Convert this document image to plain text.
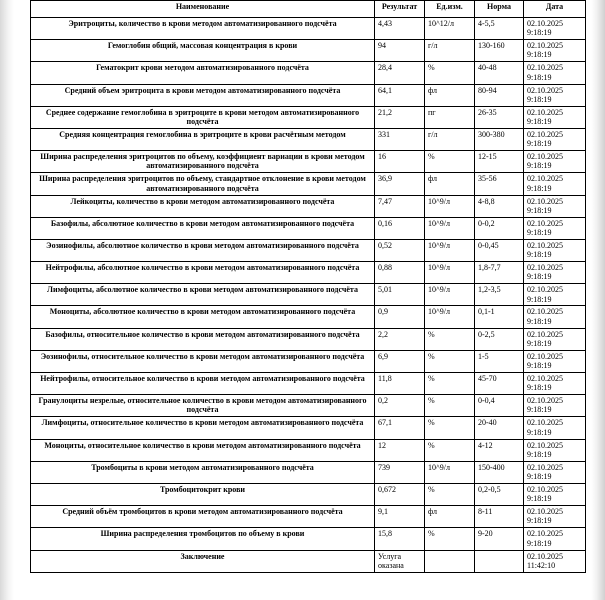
Наименование	Результат	Ед.изм.	Норма	Дата
Эритроциты, количество в крови методом автоматизированного подсчёта	4,43	10^12/л	4-5,5	02.10.2025
9:18:19

Гемоглобин общий, массовая концентрация в крови	94	г/л	130-160	02.10.2025
9:18:19

Гематокрит крови методом автоматизированного подсчёта	28,4	%	40-48	02.10.2025
9:18:19

Средний объем эритроцита в крови методом автоматизированного подсчёта	64,1	фл	80-94	02.10.2025
9:18:19

Среднее содержание гемоглобина в эритроците в крови методом автоматизированного подсчёта	21,2	пг	26-35	02.10.2025
9:18:19

Средняя концентрация гемоглобина в эритроците в крови расчётным методом	331	г/л	300-380	02.10.2025
9:18:19

Ширина распределения эритроцитов по объему, коэффициент вариации в крови методом автоматизированного подсчёта	16	%	12-15	02.10.2025
9:18:19

Ширина распределения эритроцитов по объему, стандартное отклонение в крови методом автоматизированного подсчёта	36,9	фл	35-56	02.10.2025
9:18:19

Лейкоциты, количество в крови методом автоматизированного подсчёта	7,47	10^9/л	4-8,8	02.10.2025
9:18:19

Базофилы, абсолютное количество в крови методом автоматизированного подсчёта	0,16	10^9/л	0-0,2	02.10.2025
9:18:19

Эозинофилы, абсолютное количество в крови методом автоматизированного подсчёта	0,52	10^9/л	0-0,45	02.10.2025
9:18:19

Нейтрофилы, абсолютное количество в крови методом автоматизированного подсчёта	0,88	10^9/л	1,8-7,7	02.10.2025
9:18:19

Лимфоциты, абсолютное количество в крови методом автоматизированного подсчёта	5,01	10^9/л	1,2-3,5	02.10.2025
9:18:19

Моноциты, абсолютное количество в крови методом автоматизированного подсчёта	0,9	10^9/л	0,1-1	02.10.2025
9:18:19

Базофилы, относительное количество в крови методом автоматизированного подсчёта	2,2	%	0-2,5	02.10.2025
9:18:19

Эозинофилы, относительное количество в крови методом автоматизированного подсчёта	6,9	%	1-5	02.10.2025
9:18:19

Нейтрофилы, относительное количество в крови методом автоматизированного подсчёта	11,8	%	45-70	02.10.2025
9:18:19

Гранулоциты незрелые, относительное количество в крови методом автоматизированного подсчёта	0,2	%	0-0,4	02.10.2025
9:18:19

Лимфоциты, относительное количество в крови методом автоматизированного подсчёта	67,1	%	20-40	02.10.2025
9:18:19

Моноциты, относительное количество в крови методом автоматизированного подсчёта	12	%	4-12	02.10.2025
9:18:19

Тромбоциты в крови методом автоматизированного подсчёта	739	10^9/л	150-400	02.10.2025
9:18:19

Тромбоцитокрит крови	0,672	%	0,2-0,5	02.10.2025
9:18:19

Средний объём тромбоцитов в крови методом автоматизированного подсчёта	9,1	фл	8-11	02.10.2025
9:18:19

Ширина распределения тромбоцитов по объему в крови	15,8	%	9-20	02.10.2025
9:18:19

Заключение	Услуга оказана			02.10.2025
11:42:10
